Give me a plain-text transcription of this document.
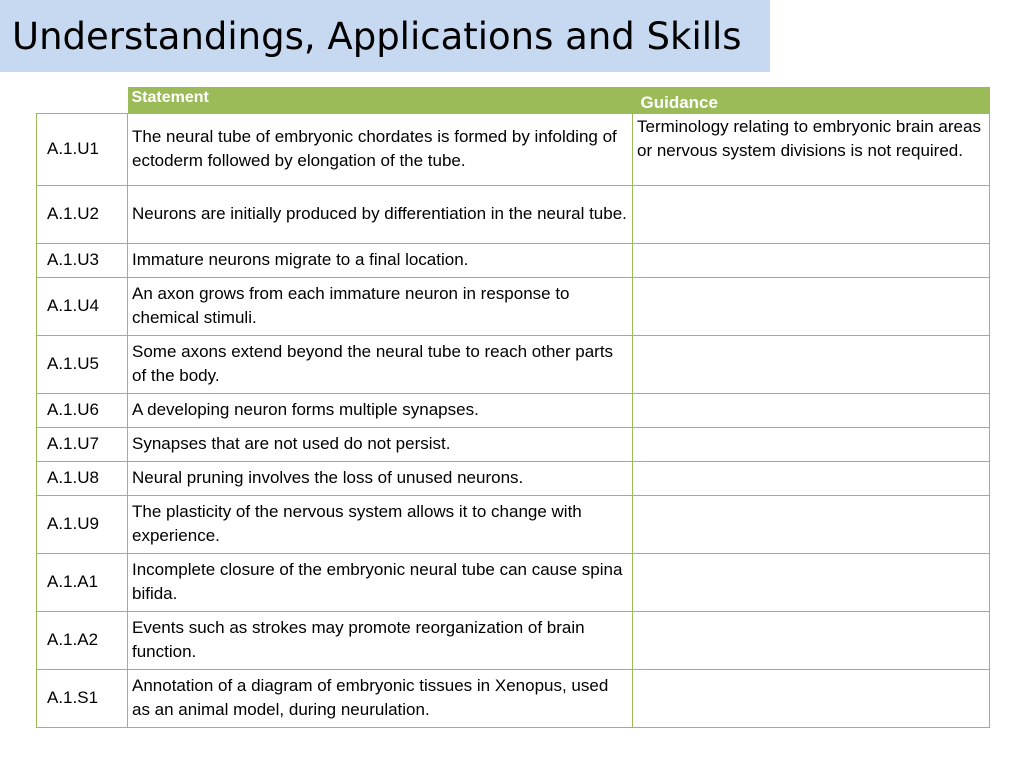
Understandings, Applications and Skills
	Statement	Guidance
A.1.U1	The neural tube of embryonic chordates is formed by infolding of ectoderm followed by elongation of the tube.	Terminology relating to embryonic brain areas or nervous system divisions is not required.
A.1.U2	Neurons are initially produced by differentiation in the neural tube.	
A.1.U3	Immature neurons migrate to a final location.	
A.1.U4	An axon grows from each immature neuron in response to chemical stimuli.	
A.1.U5	Some axons extend beyond the neural tube to reach other parts of the body.	
A.1.U6	A developing neuron forms multiple synapses.	
A.1.U7	Synapses that are not used do not persist.	
A.1.U8	Neural pruning involves the loss of unused neurons.	
A.1.U9	The plasticity of the nervous system allows it to change with experience.	
A.1.A1	Incomplete closure of the embryonic neural tube can cause spina bifida.	
A.1.A2	Events such as strokes may promote reorganization of brain function.	
A.1.S1	Annotation of a diagram of embryonic tissues in Xenopus, used as an animal model, during neurulation.	
